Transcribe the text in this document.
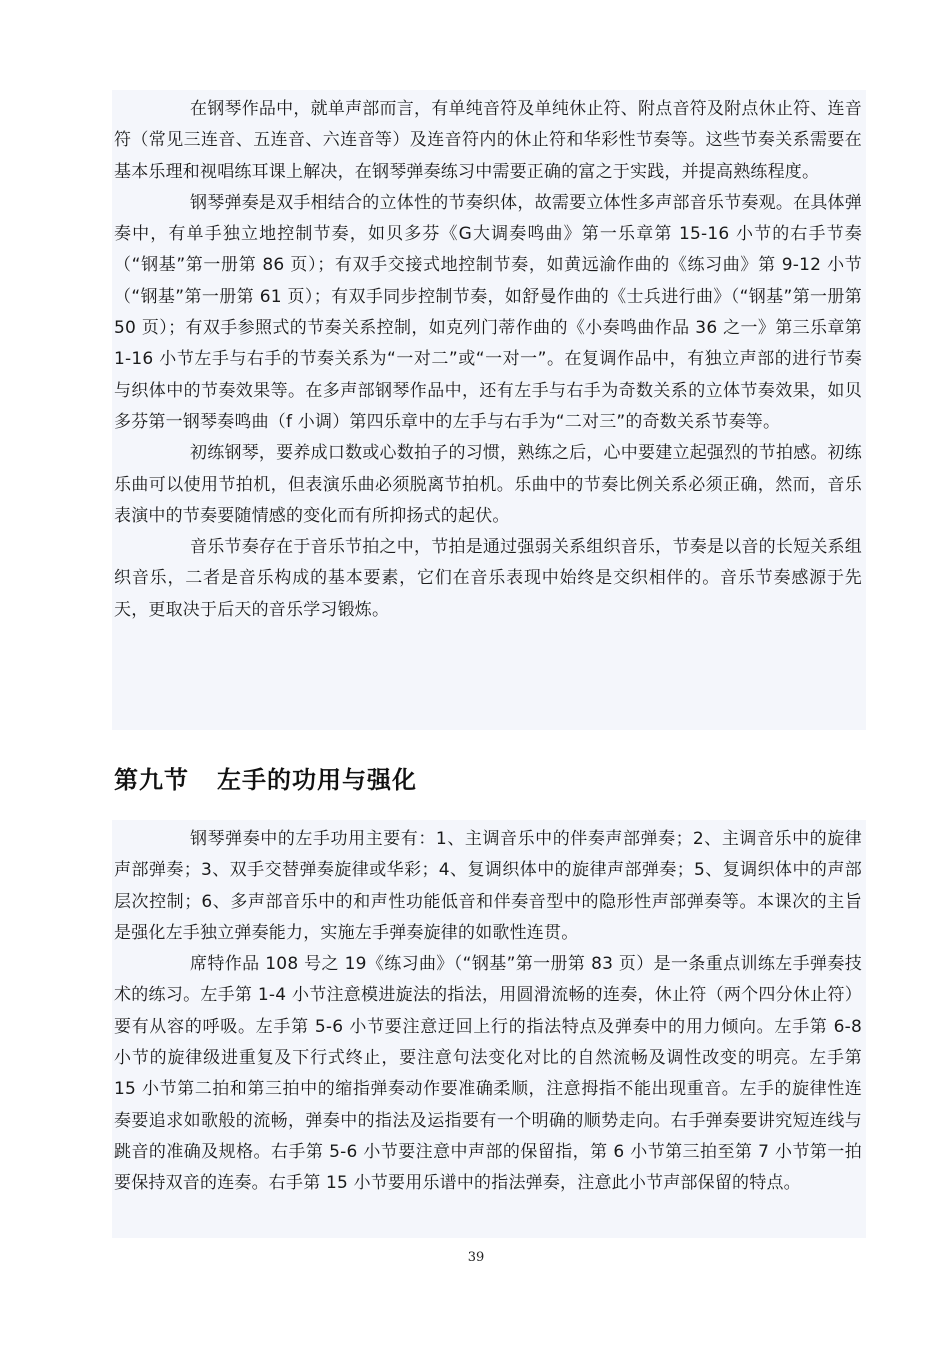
在钢琴作品中，就单声部而言，有单纯音符及单纯休止符、附点音符及附点休止符、连音符（常见三连音、五连音、六连音等）及连音符内的休止符和华彩性节奏等。这些节奏关系需要在基本乐理和视唱练耳课上解决，在钢琴弹奏练习中需要正确的富之于实践，并提高熟练程度。

钢琴弹奏是双手相结合的立体性的节奏织体，故需要立体性多声部音乐节奏观。在具体弹奏中，有单手独立地控制节奏，如贝多芬《G大调奏鸣曲》第一乐章第 15-16 小节的右手节奏（“钢基”第一册第 86 页）；有双手交接式地控制节奏，如黄远渝作曲的《练习曲》第 9-12 小节（“钢基”第一册第 61 页）；有双手同步控制节奏，如舒曼作曲的《士兵进行曲》（“钢基”第一册第 50 页）；有双手参照式的节奏关系控制，如克列门蒂作曲的《小奏鸣曲作品 36 之一》第三乐章第 1-16 小节左手与右手的节奏关系为“一对二”或“一对一”。在复调作品中，有独立声部的进行节奏与织体中的节奏效果等。在多声部钢琴作品中，还有左手与右手为奇数关系的立体节奏效果，如贝多芬第一钢琴奏鸣曲（f 小调）第四乐章中的左手与右手为“二对三”的奇数关系节奏等。

初练钢琴，要养成口数或心数拍子的习惯，熟练之后，心中要建立起强烈的节拍感。初练乐曲可以使用节拍机，但表演乐曲必须脱离节拍机。乐曲中的节奏比例关系必须正确，然而，音乐表演中的节奏要随情感的变化而有所抑扬式的起伏。

音乐节奏存在于音乐节拍之中，节拍是通过强弱关系组织音乐，节奏是以音的长短关系组织音乐，二者是音乐构成的基本要素，它们在音乐表现中始终是交织相伴的。音乐节奏感源于先天，更取决于后天的音乐学习锻炼。

第九节 左手的功用与强化

钢琴弹奏中的左手功用主要有：1、主调音乐中的伴奏声部弹奏；2、主调音乐中的旋律声部弹奏；3、双手交替弹奏旋律或华彩；4、复调织体中的旋律声部弹奏；5、复调织体中的声部层次控制；6、多声部音乐中的和声性功能低音和伴奏音型中的隐形性声部弹奏等。本课次的主旨是强化左手独立弹奏能力，实施左手弹奏旋律的如歌性连贯。

席特作品 108 号之 19《练习曲》（“钢基”第一册第 83 页）是一条重点训练左手弹奏技术的练习。左手第 1-4 小节注意模进旋法的指法，用圆滑流畅的连奏，休止符（两个四分休止符）要有从容的呼吸。左手第 5-6 小节要注意迂回上行的指法特点及弹奏中的用力倾向。左手第 6-8 小节的旋律级进重复及下行式终止，要注意句法变化对比的自然流畅及调性改变的明亮。左手第 15 小节第二拍和第三拍中的缩指弹奏动作要准确柔顺，注意拇指不能出现重音。左手的旋律性连奏要追求如歌般的流畅，弹奏中的指法及运指要有一个明确的顺势走向。右手弹奏要讲究短连线与跳音的准确及规格。右手第 5-6 小节要注意中声部的保留指，第 6 小节第三拍至第 7 小节第一拍要保持双音的连奏。右手第 15 小节要用乐谱中的指法弹奏，注意此小节声部保留的特点。

39
